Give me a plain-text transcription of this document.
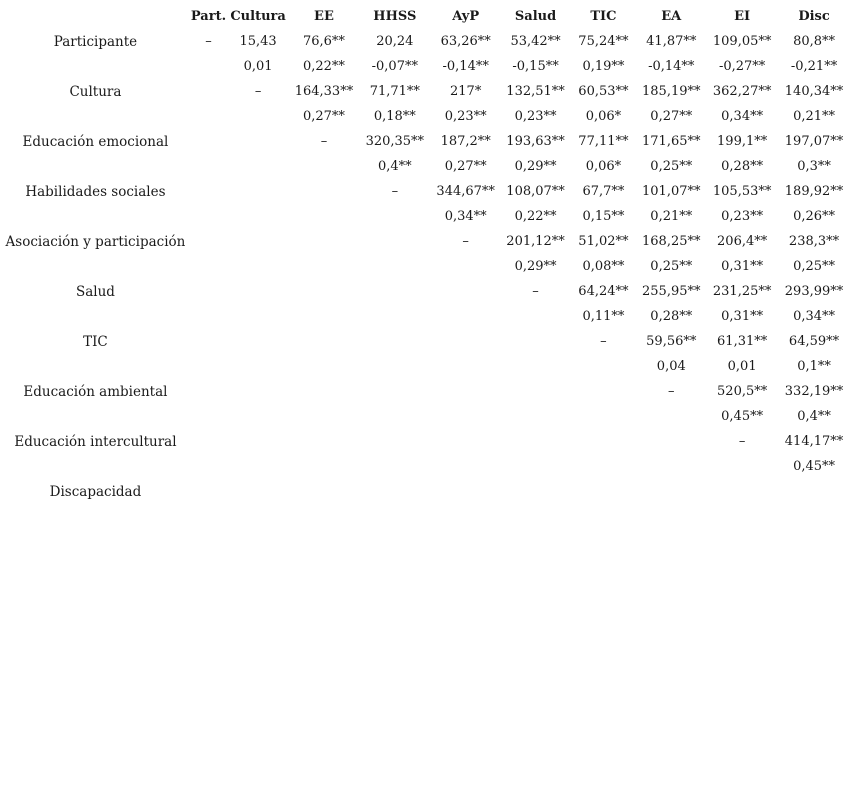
	Part.	Cultura	EE	HHSS	AyP	Salud	TIC	EA	EI	Disc
Participante	–	15,43	76,6**	20,24	63,26**	53,42**	75,24**	41,87**	109,05**	80,8**
		0,01	0,22**	-0,07**	-0,14**	-0,15**	0,19**	-0,14**	-0,27**	-0,21**
Cultura		–	164,33**	71,71**	217*	132,51**	60,53**	185,19**	362,27**	140,34**
			0,27**	0,18**	0,23**	0,23**	0,06*	0,27**	0,34**	0,21**
Educación emocional			–	320,35**	187,2**	193,63**	77,11**	171,65**	199,1**	197,07**
				0,4**	0,27**	0,29**	0,06*	0,25**	0,28**	0,3**
Habilidades sociales				–	344,67**	108,07**	67,7**	101,07**	105,53**	189,92**
					0,34**	0,22**	0,15**	0,21**	0,23**	0,26**
Asociación y participación					–	201,12**	51,02**	168,25**	206,4**	238,3**
						0,29**	0,08**	0,25**	0,31**	0,25**
Salud						–	64,24**	255,95**	231,25**	293,99**
							0,11**	0,28**	0,31**	0,34**
TIC							–	59,56**	61,31**	64,59**
								0,04	0,01	0,1**
Educación ambiental								–	520,5**	332,19**
									0,45**	0,4**
Educación intercultural									–	414,17**
										0,45**
Discapacidad										
